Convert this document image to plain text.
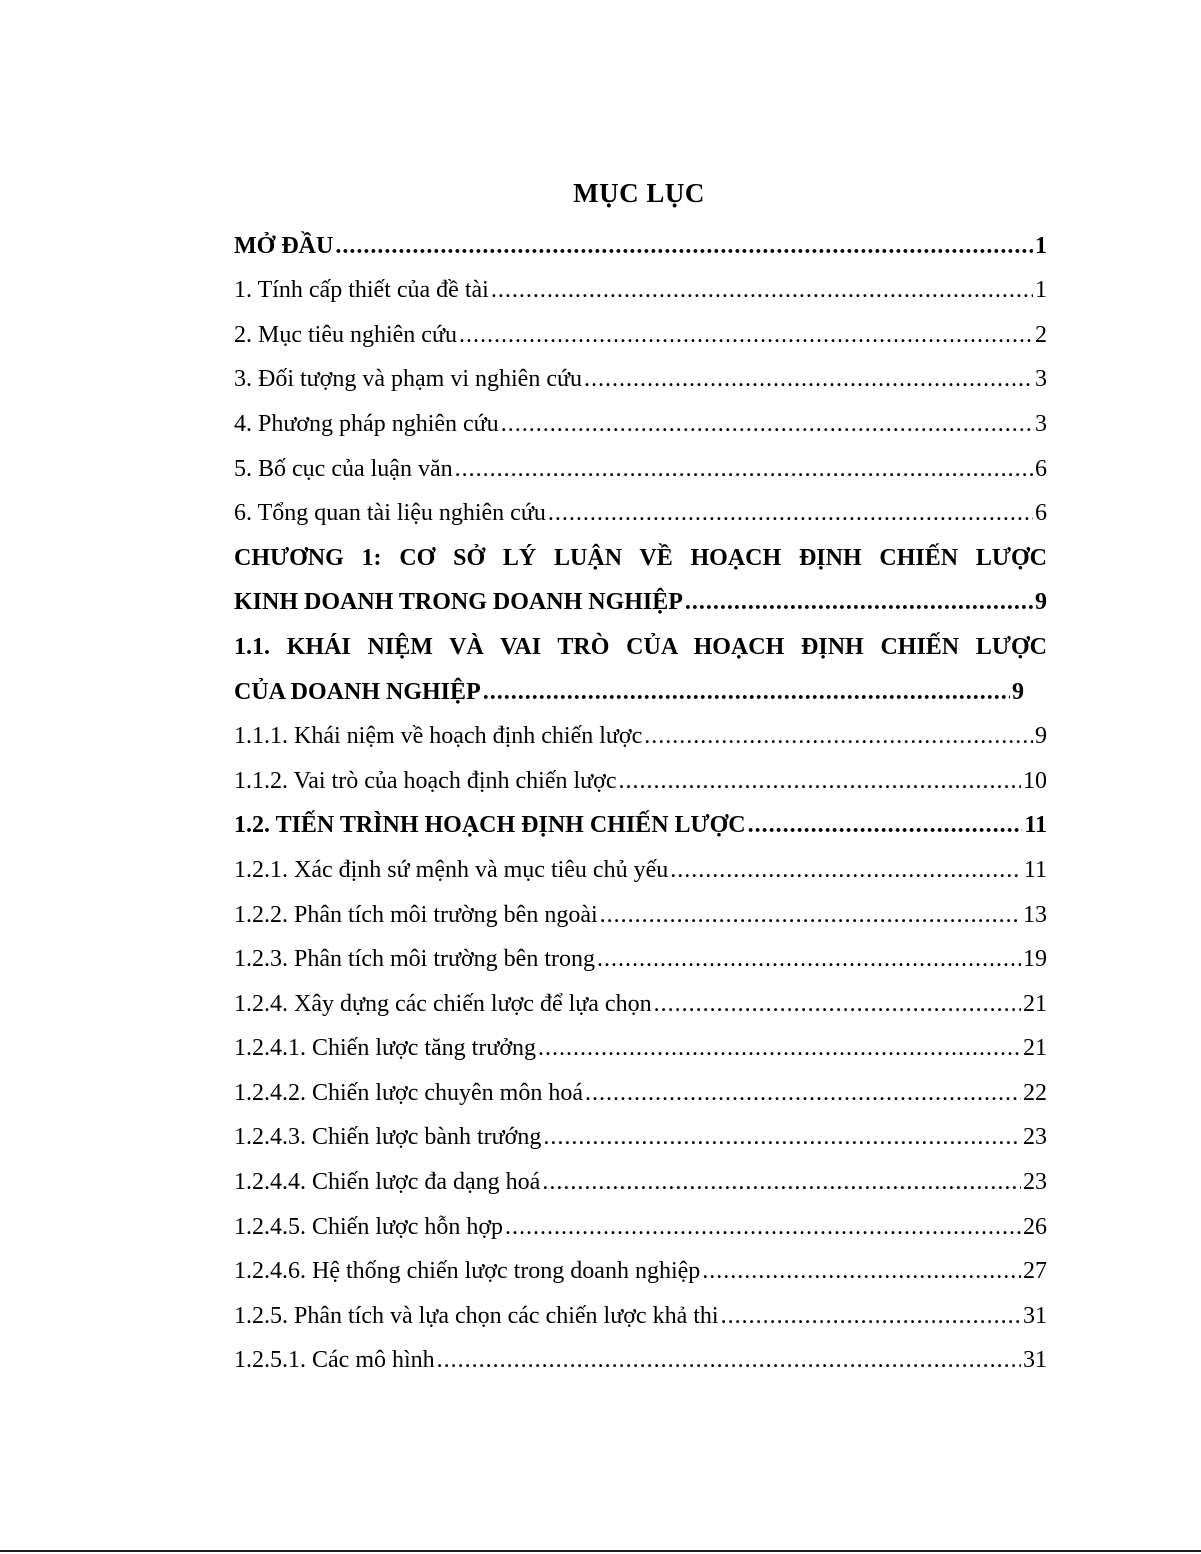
MỤC LỤC
MỞ ĐẦU .....	1
1. Tính cấp thiết của đề tài .....	1
2. Mục tiêu nghiên cứu .....	2
3. Đối tượng và phạm vi nghiên cứu .....	3
4. Phương pháp nghiên cứu .....	3
5. Bố cục của luận văn .....	6
6. Tổng quan tài liệu nghiên cứu .....	6
CHƯƠNG 1: CƠ SỞ LÝ LUẬN VỀ HOẠCH ĐỊNH CHIẾN LƯỢC
KINH DOANH TRONG DOANH NGHIỆP .....	9
1.1. KHÁI NIỆM VÀ VAI TRÒ CỦA HOẠCH ĐỊNH CHIẾN LƯỢC
CỦA DOANH NGHIỆP .....	9
1.1.1. Khái niệm về hoạch định chiến lược .....	9
1.1.2. Vai trò của hoạch định chiến lược .....	10
1.2. TIẾN TRÌNH HOẠCH ĐỊNH CHIẾN LƯỢC .....	11
1.2.1. Xác định sứ mệnh và mục tiêu chủ yếu .....	11
1.2.2. Phân tích môi trường bên ngoài .....	13
1.2.3. Phân tích môi trường bên trong .....	19
1.2.4. Xây dựng các chiến lược để lựa chọn .....	21
1.2.4.1. Chiến lược tăng trưởng .....	21
1.2.4.2. Chiến lược chuyên môn hoá .....	22
1.2.4.3. Chiến lược bành trướng .....	23
1.2.4.4. Chiến lược đa dạng hoá .....	23
1.2.4.5. Chiến lược hỗn hợp .....	26
1.2.4.6. Hệ thống chiến lược trong doanh nghiệp .....	27
1.2.5. Phân tích và lựa chọn các chiến lược khả thi .....	31
1.2.5.1. Các mô hình .....	31
